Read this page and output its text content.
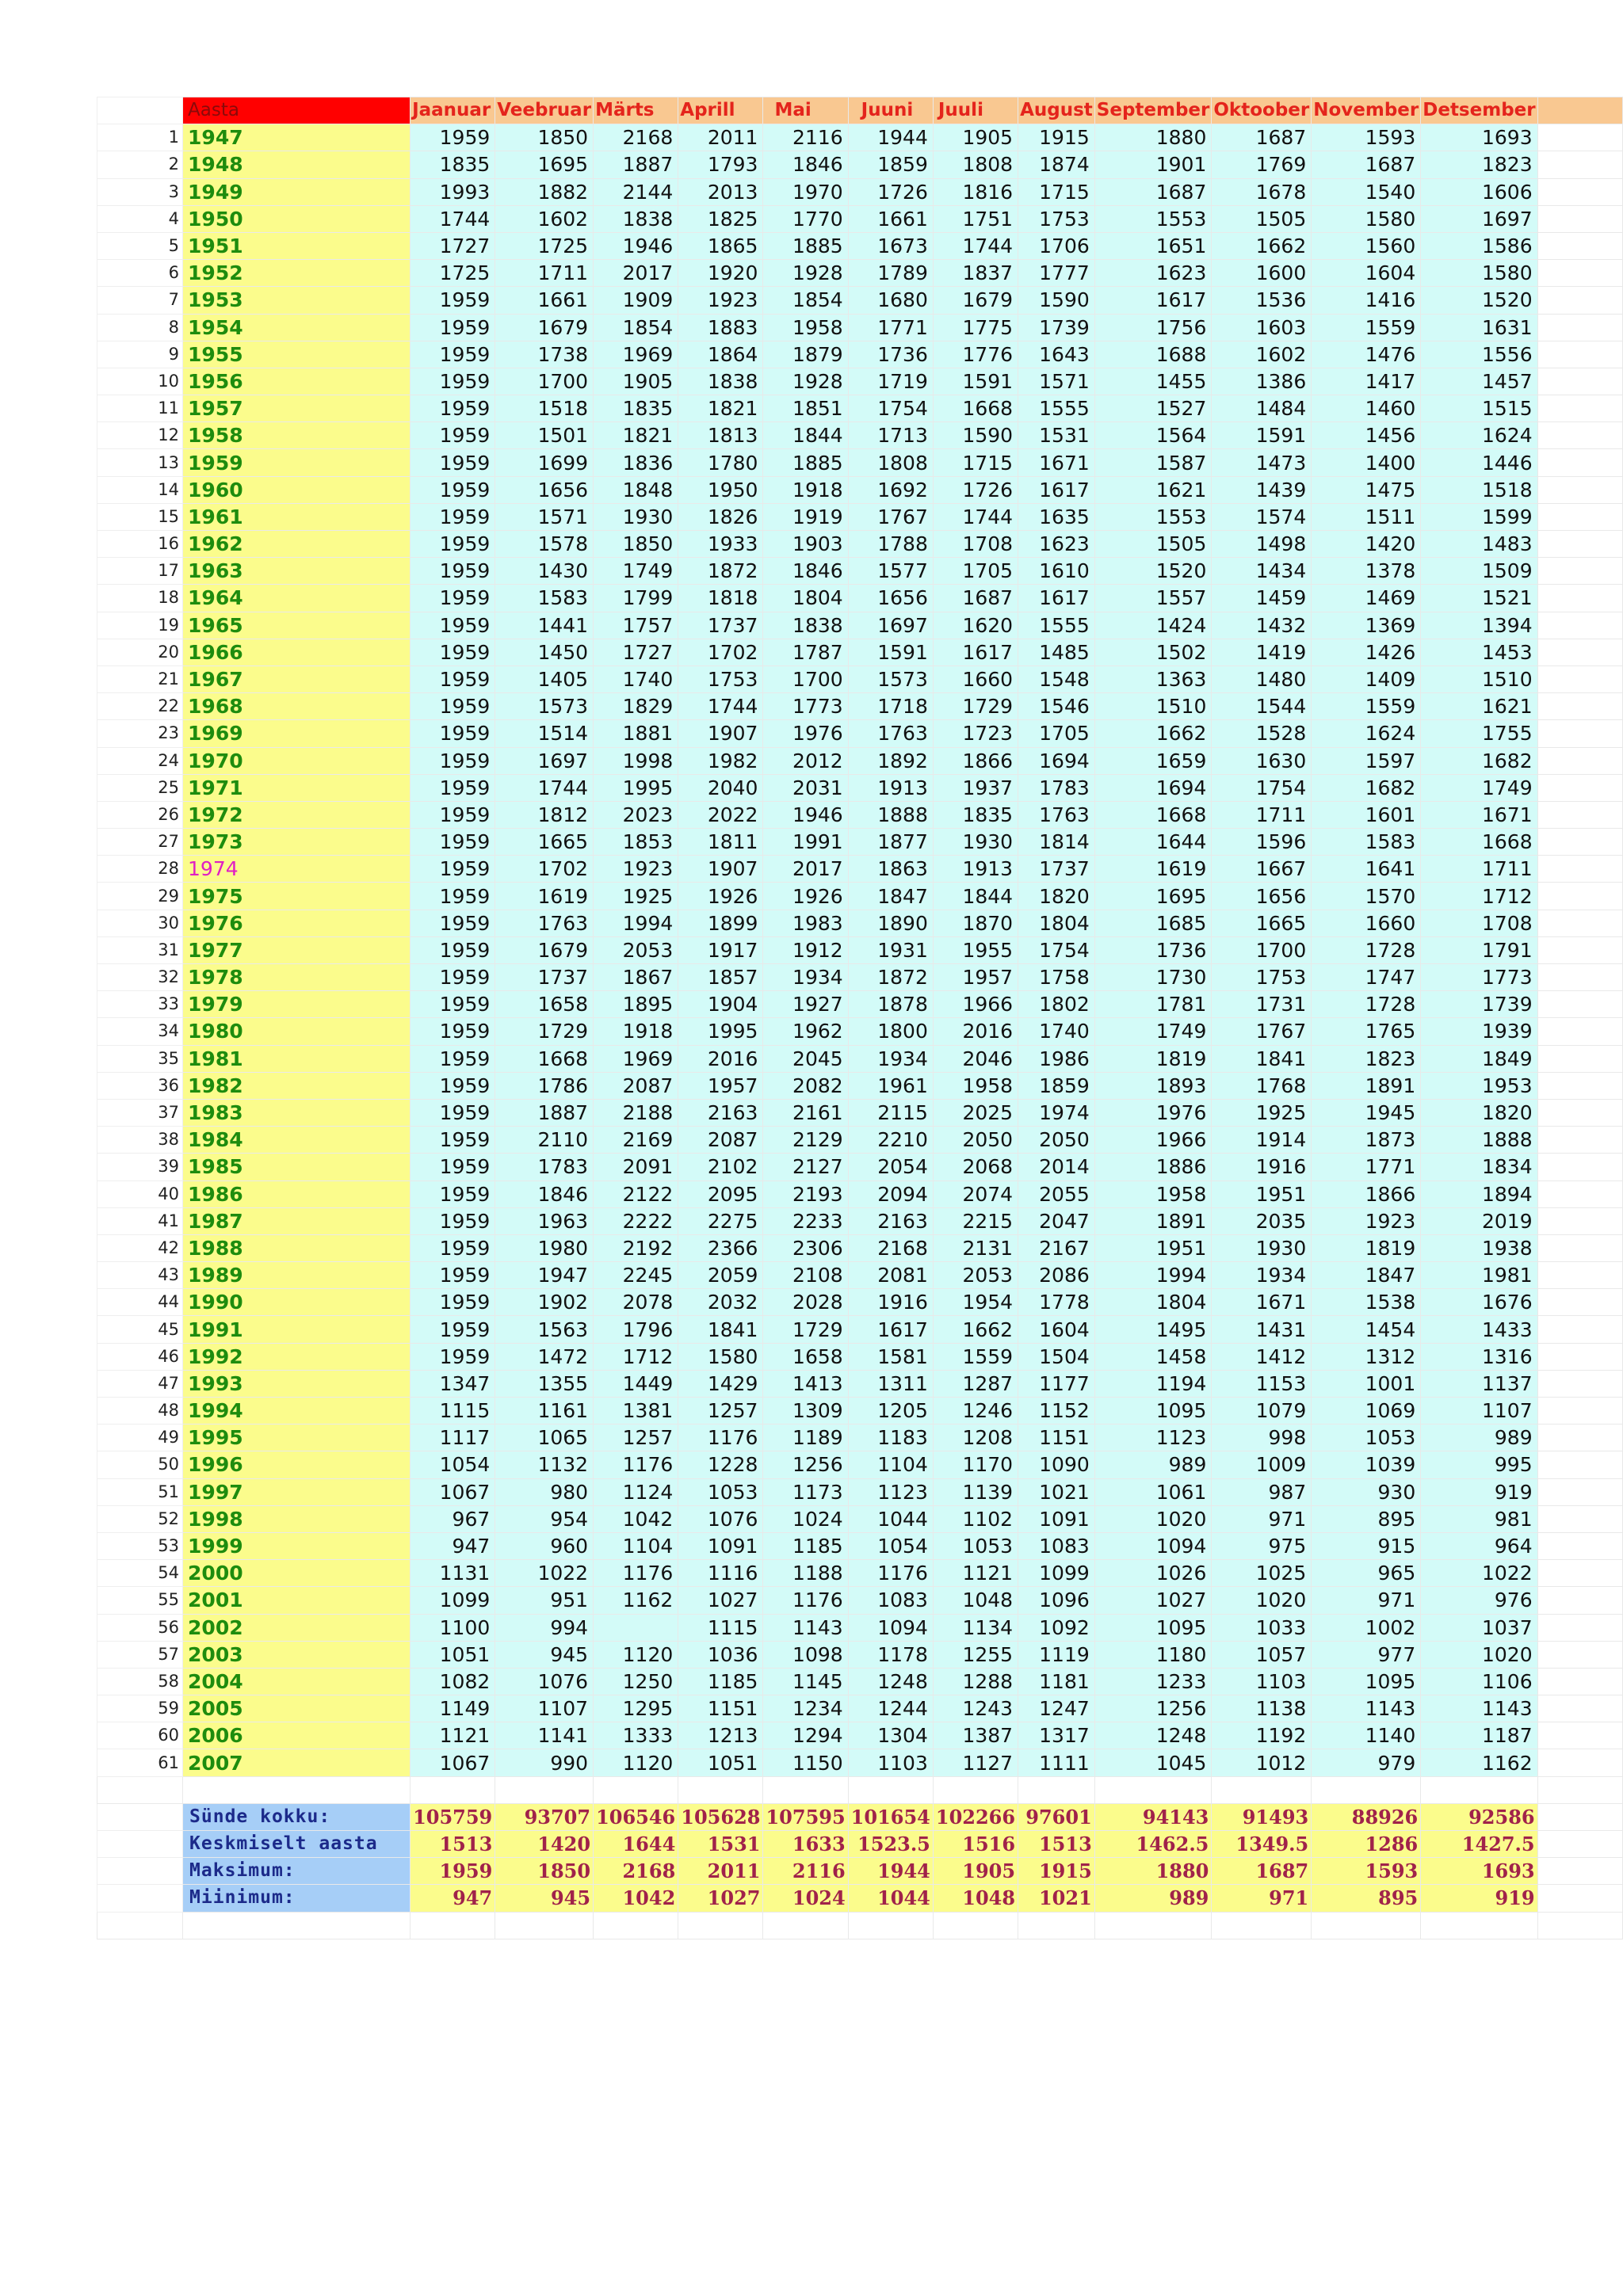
	Aasta	Jaanuar	Veebruar	Märts	Aprill	Mai	Juuni	Juuli	August	September	Oktoober	November	Detsember	
1	1947	1959	1850	2168	2011	2116	1944	1905	1915	1880	1687	1593	1693	
2	1948	1835	1695	1887	1793	1846	1859	1808	1874	1901	1769	1687	1823	
3	1949	1993	1882	2144	2013	1970	1726	1816	1715	1687	1678	1540	1606	
4	1950	1744	1602	1838	1825	1770	1661	1751	1753	1553	1505	1580	1697	
5	1951	1727	1725	1946	1865	1885	1673	1744	1706	1651	1662	1560	1586	
6	1952	1725	1711	2017	1920	1928	1789	1837	1777	1623	1600	1604	1580	
7	1953	1959	1661	1909	1923	1854	1680	1679	1590	1617	1536	1416	1520	
8	1954	1959	1679	1854	1883	1958	1771	1775	1739	1756	1603	1559	1631	
9	1955	1959	1738	1969	1864	1879	1736	1776	1643	1688	1602	1476	1556	
10	1956	1959	1700	1905	1838	1928	1719	1591	1571	1455	1386	1417	1457	
11	1957	1959	1518	1835	1821	1851	1754	1668	1555	1527	1484	1460	1515	
12	1958	1959	1501	1821	1813	1844	1713	1590	1531	1564	1591	1456	1624	
13	1959	1959	1699	1836	1780	1885	1808	1715	1671	1587	1473	1400	1446	
14	1960	1959	1656	1848	1950	1918	1692	1726	1617	1621	1439	1475	1518	
15	1961	1959	1571	1930	1826	1919	1767	1744	1635	1553	1574	1511	1599	
16	1962	1959	1578	1850	1933	1903	1788	1708	1623	1505	1498	1420	1483	
17	1963	1959	1430	1749	1872	1846	1577	1705	1610	1520	1434	1378	1509	
18	1964	1959	1583	1799	1818	1804	1656	1687	1617	1557	1459	1469	1521	
19	1965	1959	1441	1757	1737	1838	1697	1620	1555	1424	1432	1369	1394	
20	1966	1959	1450	1727	1702	1787	1591	1617	1485	1502	1419	1426	1453	
21	1967	1959	1405	1740	1753	1700	1573	1660	1548	1363	1480	1409	1510	
22	1968	1959	1573	1829	1744	1773	1718	1729	1546	1510	1544	1559	1621	
23	1969	1959	1514	1881	1907	1976	1763	1723	1705	1662	1528	1624	1755	
24	1970	1959	1697	1998	1982	2012	1892	1866	1694	1659	1630	1597	1682	
25	1971	1959	1744	1995	2040	2031	1913	1937	1783	1694	1754	1682	1749	
26	1972	1959	1812	2023	2022	1946	1888	1835	1763	1668	1711	1601	1671	
27	1973	1959	1665	1853	1811	1991	1877	1930	1814	1644	1596	1583	1668	
28	1974	1959	1702	1923	1907	2017	1863	1913	1737	1619	1667	1641	1711	
29	1975	1959	1619	1925	1926	1926	1847	1844	1820	1695	1656	1570	1712	
30	1976	1959	1763	1994	1899	1983	1890	1870	1804	1685	1665	1660	1708	
31	1977	1959	1679	2053	1917	1912	1931	1955	1754	1736	1700	1728	1791	
32	1978	1959	1737	1867	1857	1934	1872	1957	1758	1730	1753	1747	1773	
33	1979	1959	1658	1895	1904	1927	1878	1966	1802	1781	1731	1728	1739	
34	1980	1959	1729	1918	1995	1962	1800	2016	1740	1749	1767	1765	1939	
35	1981	1959	1668	1969	2016	2045	1934	2046	1986	1819	1841	1823	1849	
36	1982	1959	1786	2087	1957	2082	1961	1958	1859	1893	1768	1891	1953	
37	1983	1959	1887	2188	2163	2161	2115	2025	1974	1976	1925	1945	1820	
38	1984	1959	2110	2169	2087	2129	2210	2050	2050	1966	1914	1873	1888	
39	1985	1959	1783	2091	2102	2127	2054	2068	2014	1886	1916	1771	1834	
40	1986	1959	1846	2122	2095	2193	2094	2074	2055	1958	1951	1866	1894	
41	1987	1959	1963	2222	2275	2233	2163	2215	2047	1891	2035	1923	2019	
42	1988	1959	1980	2192	2366	2306	2168	2131	2167	1951	1930	1819	1938	
43	1989	1959	1947	2245	2059	2108	2081	2053	2086	1994	1934	1847	1981	
44	1990	1959	1902	2078	2032	2028	1916	1954	1778	1804	1671	1538	1676	
45	1991	1959	1563	1796	1841	1729	1617	1662	1604	1495	1431	1454	1433	
46	1992	1959	1472	1712	1580	1658	1581	1559	1504	1458	1412	1312	1316	
47	1993	1347	1355	1449	1429	1413	1311	1287	1177	1194	1153	1001	1137	
48	1994	1115	1161	1381	1257	1309	1205	1246	1152	1095	1079	1069	1107	
49	1995	1117	1065	1257	1176	1189	1183	1208	1151	1123	998	1053	989	
50	1996	1054	1132	1176	1228	1256	1104	1170	1090	989	1009	1039	995	
51	1997	1067	980	1124	1053	1173	1123	1139	1021	1061	987	930	919	
52	1998	967	954	1042	1076	1024	1044	1102	1091	1020	971	895	981	
53	1999	947	960	1104	1091	1185	1054	1053	1083	1094	975	915	964	
54	2000	1131	1022	1176	1116	1188	1176	1121	1099	1026	1025	965	1022	
55	2001	1099	951	1162	1027	1176	1083	1048	1096	1027	1020	971	976	
56	2002	1100	994		1115	1143	1094	1134	1092	1095	1033	1002	1037	
57	2003	1051	945	1120	1036	1098	1178	1255	1119	1180	1057	977	1020	
58	2004	1082	1076	1250	1185	1145	1248	1288	1181	1233	1103	1095	1106	
59	2005	1149	1107	1295	1151	1234	1244	1243	1247	1256	1138	1143	1143	
60	2006	1121	1141	1333	1213	1294	1304	1387	1317	1248	1192	1140	1187	
61	2007	1067	990	1120	1051	1150	1103	1127	1111	1045	1012	979	1162	

	Sünde kokku:	105759	93707	106546	105628	107595	101654	102266	97601	94143	91493	88926	92586	
	Keskmiselt aasta	1513	1420	1644	1531	1633	1523.5	1516	1513	1462.5	1349.5	1286	1427.5	
	Maksimum:	1959	1850	2168	2011	2116	1944	1905	1915	1880	1687	1593	1693	
	Miinimum:	947	945	1042	1027	1024	1044	1048	1021	989	971	895	919	
